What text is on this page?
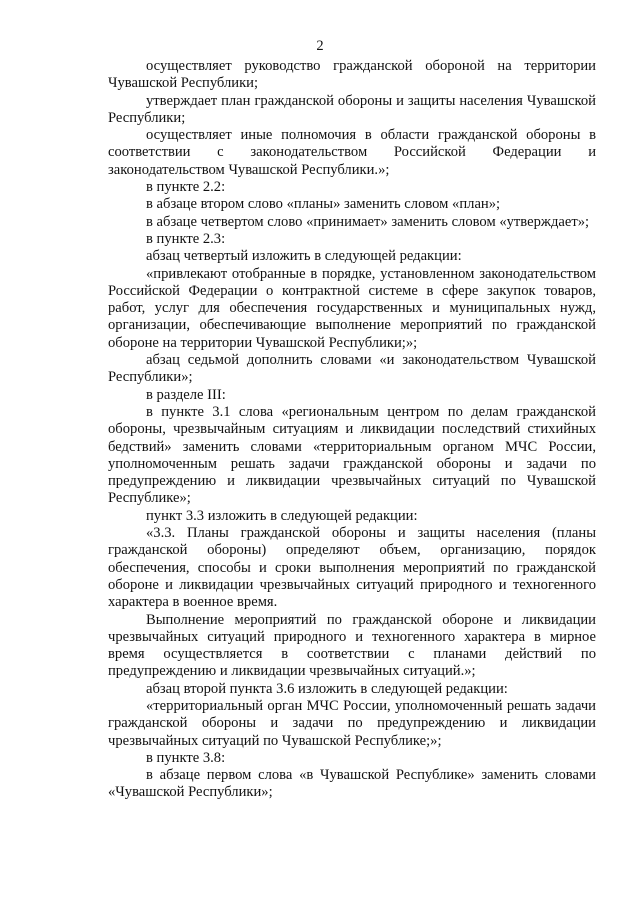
2

осуществляет руководство гражданской обороной на территории Чувашской Республики;

утверждает план гражданской обороны и защиты населения Чувашской Республики;

осуществляет иные полномочия в области гражданской обороны в соответствии с законодательством Российской Федерации и законодательством Чувашской Республики.»;

в пункте 2.2:

в абзаце втором слово «планы» заменить словом «план»;

в абзаце четвертом слово «принимает» заменить словом «утверждает»;

в пункте 2.3:

абзац четвертый изложить в следующей редакции:

«привлекают отобранные в порядке, установленном законодательством Российской Федерации о контрактной системе в сфере закупок товаров, работ, услуг для обеспечения государственных и муниципальных нужд, организации, обеспечивающие выполнение мероприятий по гражданской обороне на территории Чувашской Республики;»;

абзац седьмой дополнить словами «и законодательством Чувашской Республики»;

в разделе III:

в пункте 3.1 слова «региональным центром по делам гражданской обороны, чрезвычайным ситуациям и ликвидации последствий стихийных бедствий» заменить словами «территориальным органом МЧС России, уполномоченным решать задачи гражданской обороны и задачи по предупреждению и ликвидации чрезвычайных ситуаций по Чувашской Республике»;

пункт 3.3 изложить в следующей редакции:

«3.3. Планы гражданской обороны и защиты населения (планы гражданской обороны) определяют объем, организацию, порядок обеспечения, способы и сроки выполнения мероприятий по гражданской обороне и ликвидации чрезвычайных ситуаций природного и техногенного характера в военное время.

Выполнение мероприятий по гражданской обороне и ликвидации чрезвычайных ситуаций природного и техногенного характера в мирное время осуществляется в соответствии с планами действий по предупреждению и ликвидации чрезвычайных ситуаций.»;

абзац второй пункта 3.6 изложить в следующей редакции:

«территориальный орган МЧС России, уполномоченный решать задачи гражданской обороны и задачи по предупреждению и ликвидации чрезвычайных ситуаций по Чувашской Республике;»;

в пункте 3.8:

в абзаце первом слова «в Чувашской Республике» заменить словами «Чувашской Республики»;
